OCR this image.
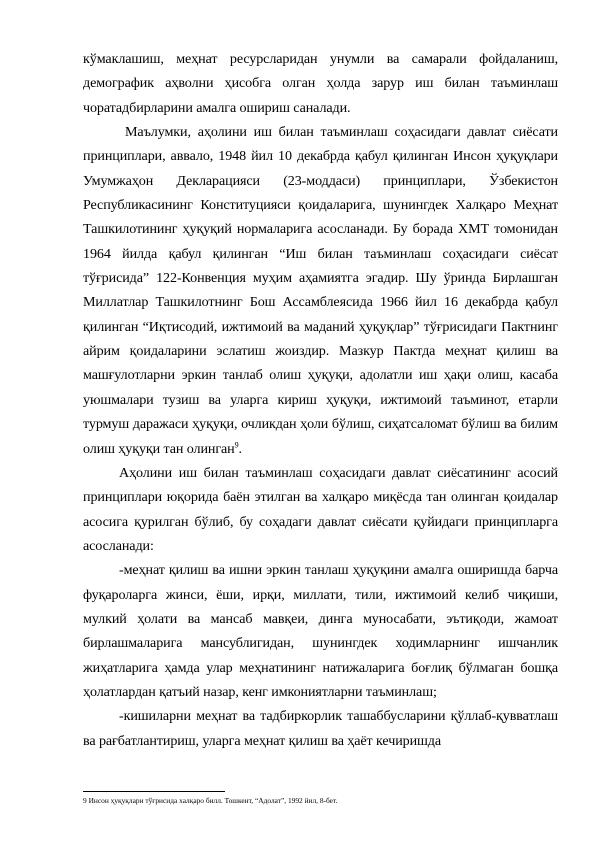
кўмаклашиш, меҳнат ресурсларидан унумли ва самарали фойдаланиш, демографик аҳволни ҳисобга олган ҳолда зарур иш билан таъминлаш чоратадбирларини амалга ошириш саналади.

Маълумки, аҳолини иш билан таъминлаш соҳасидаги давлат сиёсати принциплари, аввало, 1948 йил 10 декабрда қабул қилинган Инсон ҳуқуқлари Умумжаҳон Декларацияси (23-моддаси) принциплари, Ўзбекистон Республикасининг Конституцияси қоидаларига, шунингдек Халқаро Меҳнат Ташкилотининг ҳуқуқий нормаларига асосланади. Бу борада ХМТ томонидан 1964 йилда қабул қилинган “Иш билан таъминлаш соҳасидаги сиёсат тўғрисида” 122-Конвенция муҳим аҳамиятга эгадир. Шу ўринда Бирлашган Миллатлар Ташкилотнинг Бош Ассамблеясида 1966 йил 16 декабрда қабул қилинган “Иқтисодий, ижтимоий ва маданий ҳуқуқлар” тўғрисидаги Пактнинг айрим қоидаларини эслатиш жоиздир. Мазкур Пактда меҳнат қилиш ва машғулотларни эркин танлаб олиш ҳуқуқи, адолатли иш ҳақи олиш, касаба уюшмалари тузиш ва уларга кириш ҳуқуқи, ижтимоий таъминот, етарли турмуш даражаси ҳуқуқи, очликдан ҳоли бўлиш, сиҳатсаломат бўлиш ва билим олиш ҳуқуқи тан олинган$^9$.

Аҳолини иш билан таъминлаш соҳасидаги давлат сиёсатининг асосий принциплари юқорида баён этилган ва халқаро миқёсда тан олинган қоидалар асосига қурилган бўлиб, бу соҳадаги давлат сиёсати қуйидаги принципларга асосланади:

-меҳнат қилиш ва ишни эркин танлаш ҳуқуқини амалга оширишда барча фуқароларга жинси, ёши, ирқи, миллати, тили, ижтимоий келиб чиқиши, мулкий ҳолати ва мансаб мавқеи, динга муносабати, эътиқоди, жамоат бирлашмаларига мансублигидан, шунингдек ходимларнинг ишчанлик жиҳатларига ҳамда улар меҳнатининг натижаларига боғлиқ бўлмаган бошқа ҳолатлардан қатъий назар, кенг имкониятларни таъминлаш;

-кишиларни меҳнат ва тадбиркорлик ташаббусларини қўллаб-қувватлаш ва рағбатлантириш, уларга меҳнат қилиш ва ҳаёт кечиришда

9 Инсон ҳуқуқлари тўғрисида халқаро билл. Тошкент, “Адолат”, 1992 йил, 8-бет.
